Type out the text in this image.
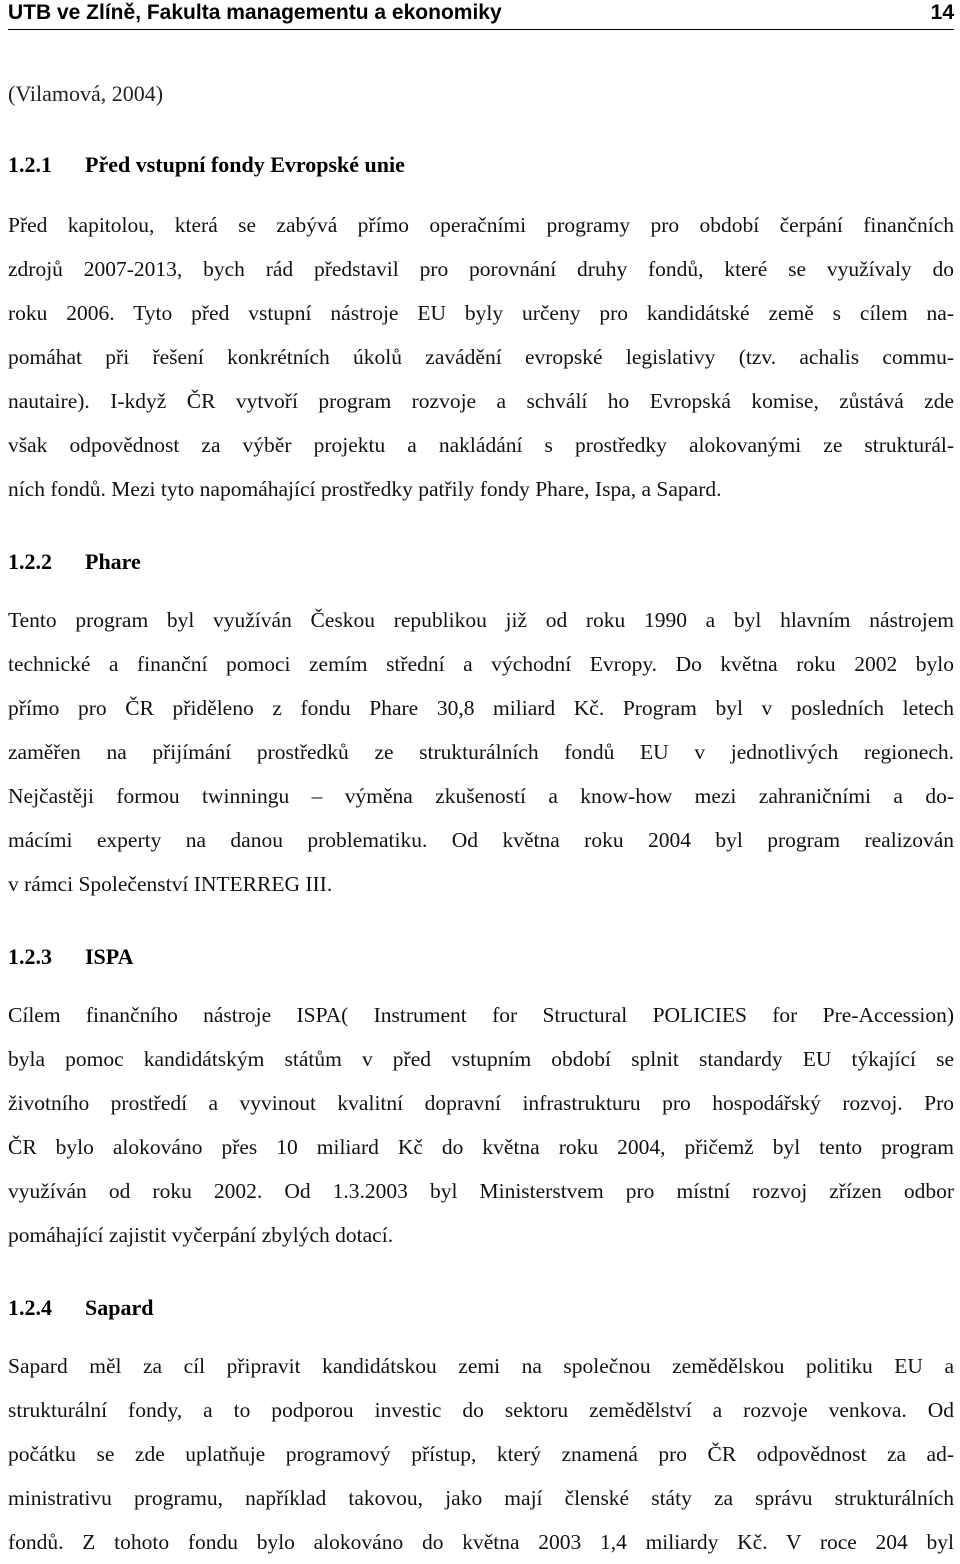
UTB ve Zlíně, Fakulta managementu a ekonomiky	14
(Vilamová, 2004)
1.2.1 Před vstupní fondy Evropské unie

Před kapitolou, která se zabývá přímo operačními programy pro období čerpání finančních
zdrojů 2007-2013, bych rád představil pro porovnání druhy fondů, které se využívaly do
roku 2006. Tyto před vstupní nástroje EU byly určeny pro kandidátské země s cílem na-
pomáhat při řešení konkrétních úkolů zavádění evropské legislativy (tzv. achalis commu-
nautaire). I-když ČR vytvoří program rozvoje a schválí ho Evropská komise, zůstává zde
však odpovědnost za výběr projektu a nakládání s prostředky alokovanými ze strukturál-
ních fondů. Mezi tyto napomáhající prostředky patřily fondy Phare, Ispa, a Sapard.

1.2.2 Phare

Tento program byl využíván Českou republikou již od roku 1990 a byl hlavním nástrojem
technické a finanční pomoci zemím střední a východní Evropy. Do května roku 2002 bylo
přímo pro ČR přiděleno z fondu Phare 30,8 miliard Kč. Program byl v posledních letech
zaměřen na přijímání prostředků ze strukturálních fondů EU v jednotlivých regionech.
Nejčastěji formou twinningu – výměna zkušeností a know-how mezi zahraničními a do-
mácími experty na danou problematiku. Od května roku 2004 byl program realizován
v rámci Společenství INTERREG III.

1.2.3 ISPA

Cílem finančního nástroje ISPA( Instrument for Structural POLICIES for Pre-Accession)
byla pomoc kandidátským státům v před vstupním období splnit standardy EU týkající se
životního prostředí a vyvinout kvalitní dopravní infrastrukturu pro hospodářský rozvoj. Pro
ČR bylo alokováno přes 10 miliard Kč do května roku 2004, přičemž byl tento program
využíván od roku 2002. Od 1.3.2003 byl Ministerstvem pro místní rozvoj zřízen odbor
pomáhající zajistit vyčerpání zbylých dotací.

1.2.4 Sapard

Sapard měl za cíl připravit kandidátskou zemi na společnou zemědělskou politiku EU a
strukturální fondy, a to podporou investic do sektoru zemědělství a rozvoje venkova. Od
počátku se zde uplatňuje programový přístup, který znamená pro ČR odpovědnost za ad-
ministrativu programu, například takovou, jako mají členské státy za správu strukturálních
fondů. Z tohoto fondu bylo alokováno do května 2003 1,4 miliardy Kč. V roce 204 byl
